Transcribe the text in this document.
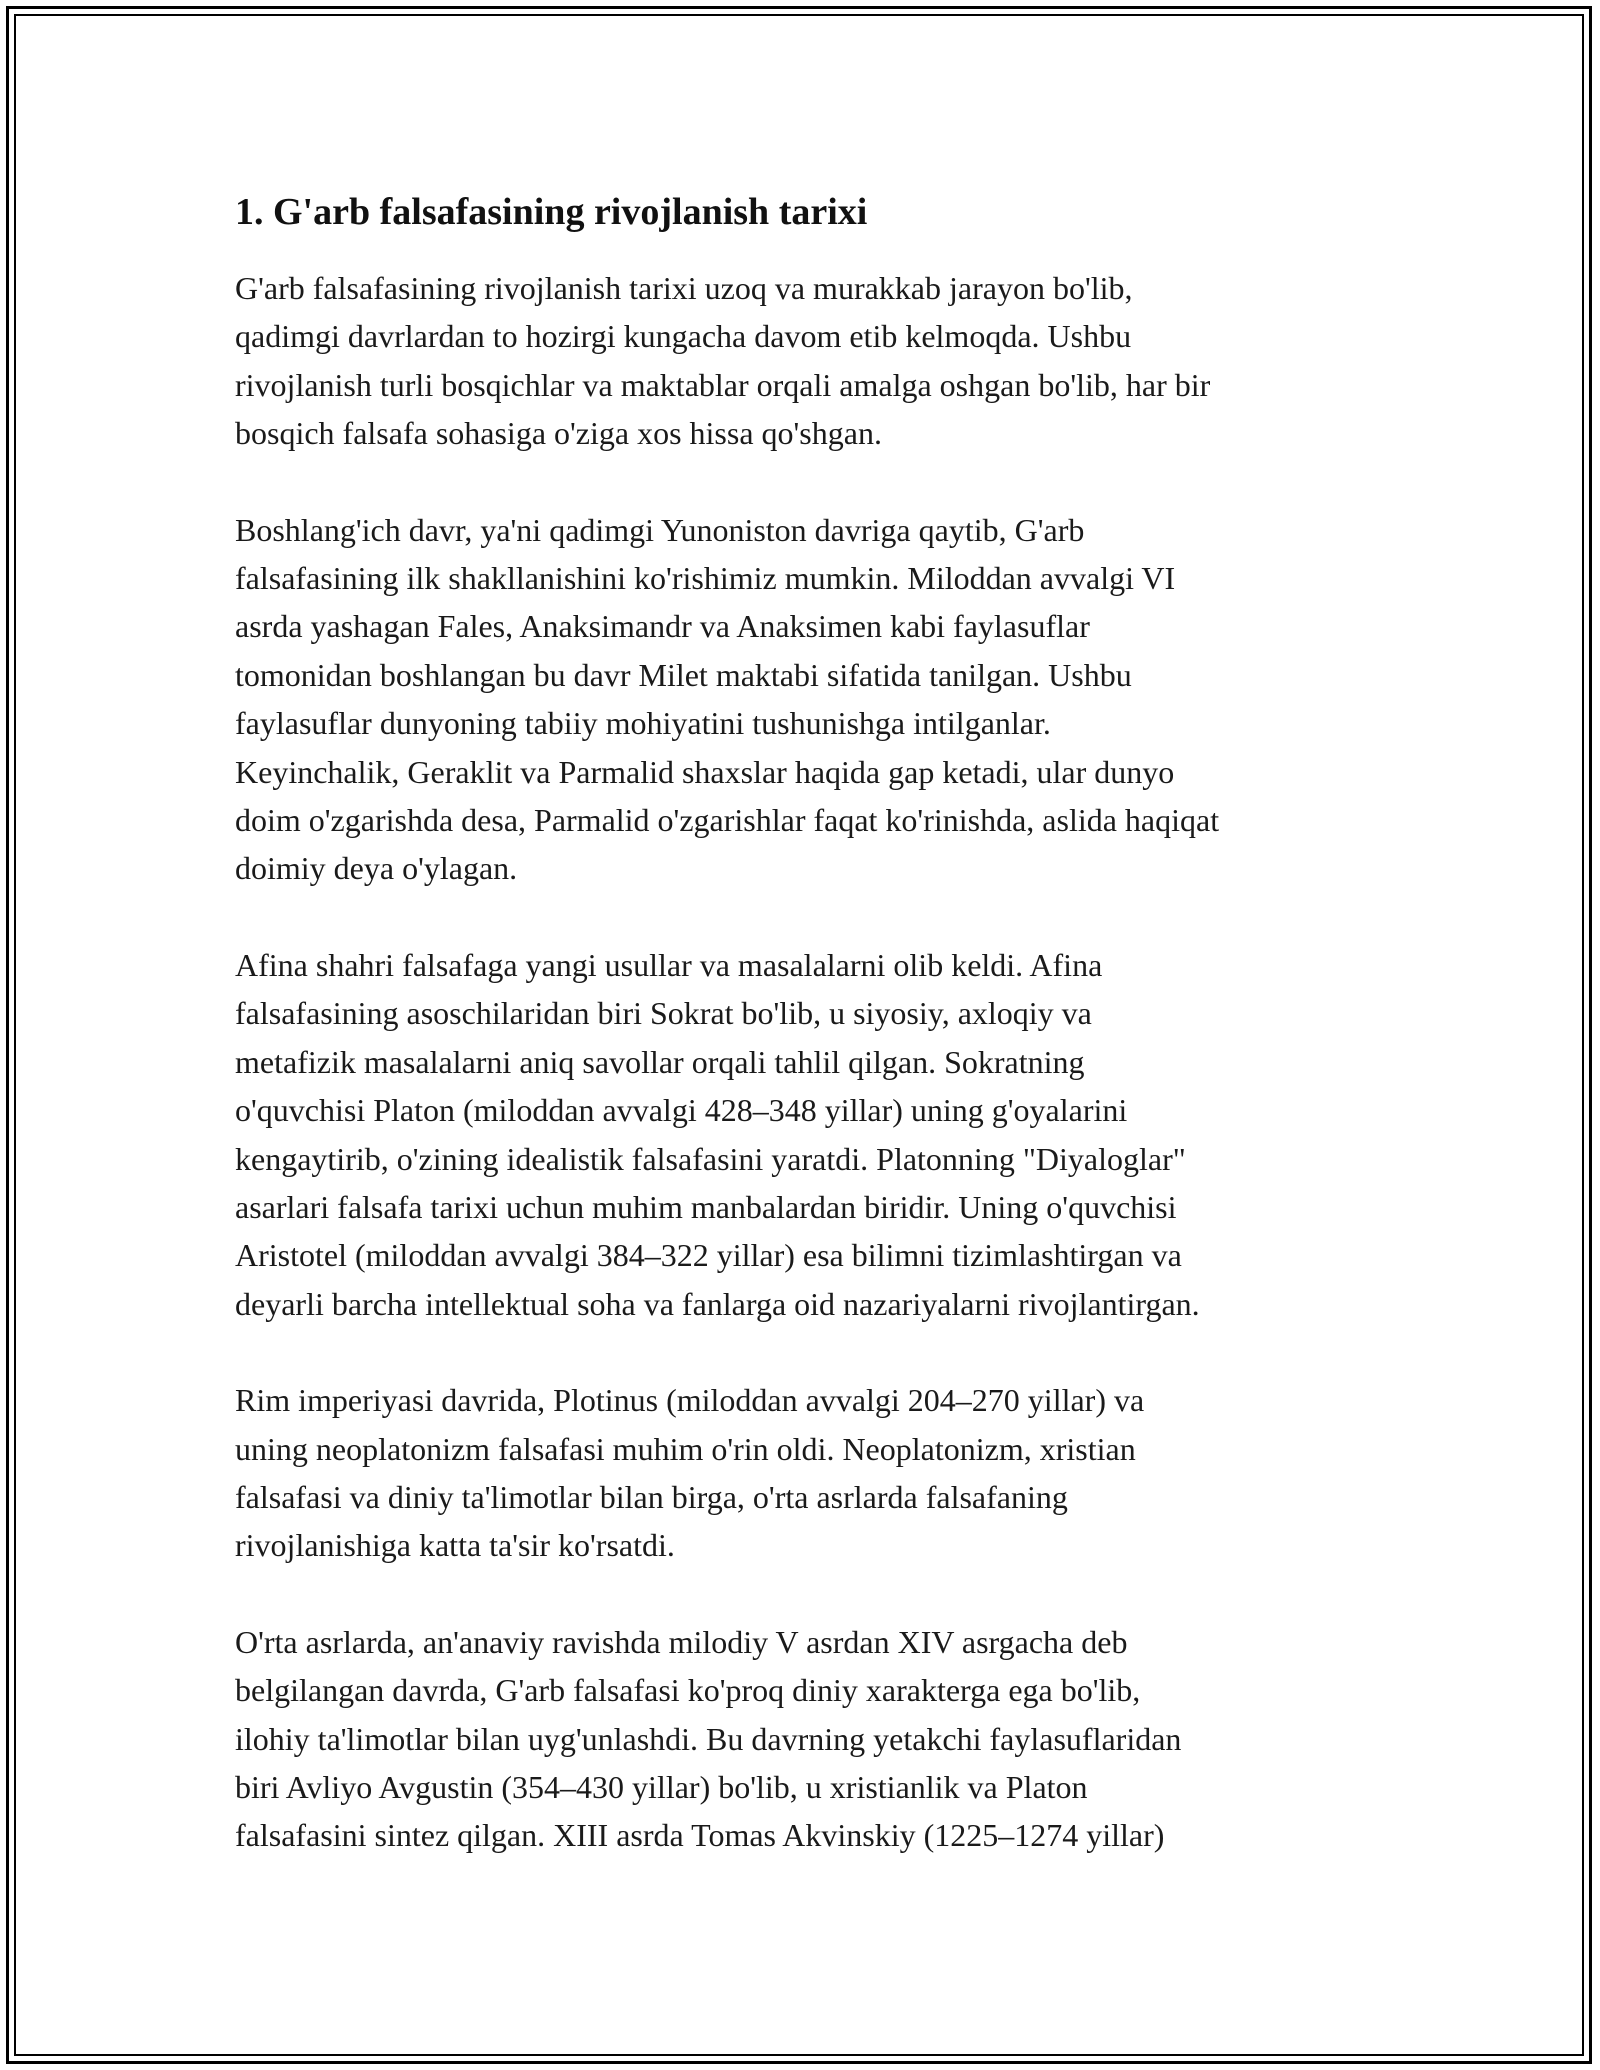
1. G'arb falsafasining rivojlanish tarixi

G'arb falsafasining rivojlanish tarixi uzoq va murakkab jarayon bo'lib,
qadimgi davrlardan to hozirgi kungacha davom etib kelmoqda. Ushbu
rivojlanish turli bosqichlar va maktablar orqali amalga oshgan bo'lib, har bir
bosqich falsafa sohasiga o'ziga xos hissa qo'shgan.

Boshlang'ich davr, ya'ni qadimgi Yunoniston davriga qaytib, G'arb
falsafasining ilk shakllanishini ko'rishimiz mumkin. Miloddan avvalgi VI
asrda yashagan Fales, Anaksimandr va Anaksimen kabi faylasuflar
tomonidan boshlangan bu davr Milet maktabi sifatida tanilgan. Ushbu
faylasuflar dunyoning tabiiy mohiyatini tushunishga intilganlar.
Keyinchalik, Geraklit va Parmalid shaxslar haqida gap ketadi, ular dunyo
doim o'zgarishda desa, Parmalid o'zgarishlar faqat ko'rinishda, aslida haqiqat
doimiy deya o'ylagan.

Afina shahri falsafaga yangi usullar va masalalarni olib keldi. Afina
falsafasining asoschilaridan biri Sokrat bo'lib, u siyosiy, axloqiy va
metafizik masalalarni aniq savollar orqali tahlil qilgan. Sokratning
o'quvchisi Platon (miloddan avvalgi 428–348 yillar) uning g'oyalarini
kengaytirib, o'zining idealistik falsafasini yaratdi. Platonning "Diyaloglar"
asarlari falsafa tarixi uchun muhim manbalardan biridir. Uning o'quvchisi
Aristotel (miloddan avvalgi 384–322 yillar) esa bilimni tizimlashtirgan va
deyarli barcha intellektual soha va fanlarga oid nazariyalarni rivojlantirgan.

Rim imperiyasi davrida, Plotinus (miloddan avvalgi 204–270 yillar) va
uning neoplatonizm falsafasi muhim o'rin oldi. Neoplatonizm, xristian
falsafasi va diniy ta'limotlar bilan birga, o'rta asrlarda falsafaning
rivojlanishiga katta ta'sir ko'rsatdi.

O'rta asrlarda, an'anaviy ravishda milodiy V asrdan XIV asrgacha deb
belgilangan davrda, G'arb falsafasi ko'proq diniy xarakterga ega bo'lib,
ilohiy ta'limotlar bilan uyg'unlashdi. Bu davrning yetakchi faylasuflaridan
biri Avliyo Avgustin (354–430 yillar) bo'lib, u xristianlik va Platon
falsafasini sintez qilgan. XIII asrda Tomas Akvinskiy (1225–1274 yillar)
